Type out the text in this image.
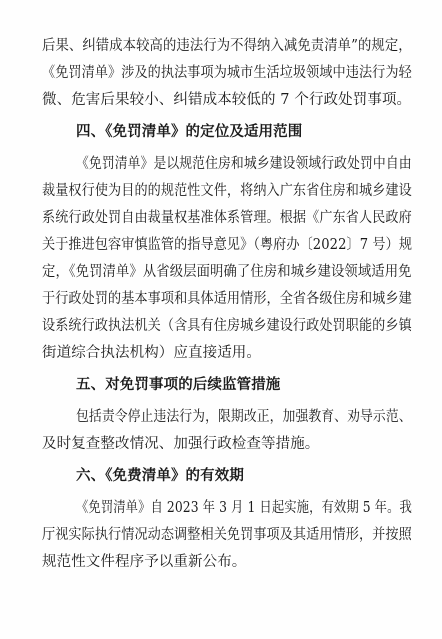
后果、纠错成本较高的违法行为不得纳入减免责清单”的规定，
《免罚清单》涉及的执法事项为城市生活垃圾领域中违法行为轻
微、危害后果较小、纠错成本较低的 7 个行政处罚事项。
四、《免罚清单》的定位及适用范围
《免罚清单》是以规范住房和城乡建设领域行政处罚中自由
裁量权行使为目的的规范性文件，将纳入广东省住房和城乡建设
系统行政处罚自由裁量权基准体系管理。根据《广东省人民政府
关于推进包容审慎监管的指导意见》（粤府办〔2022〕7 号）规
定，《免罚清单》从省级层面明确了住房和城乡建设领域适用免
于行政处罚的基本事项和具体适用情形，全省各级住房和城乡建
设系统行政执法机关（含具有住房城乡建设行政处罚职能的乡镇
街道综合执法机构）应直接适用。
五、对免罚事项的后续监管措施
包括责令停止违法行为，限期改正，加强教育、劝导示范、
及时复查整改情况、加强行政检查等措施。
六、《免费清单》的有效期
《免罚清单》自 2023 年 3 月 1 日起实施，有效期 5 年。我
厅视实际执行情况动态调整相关免罚事项及其适用情形，并按照
规范性文件程序予以重新公布。
